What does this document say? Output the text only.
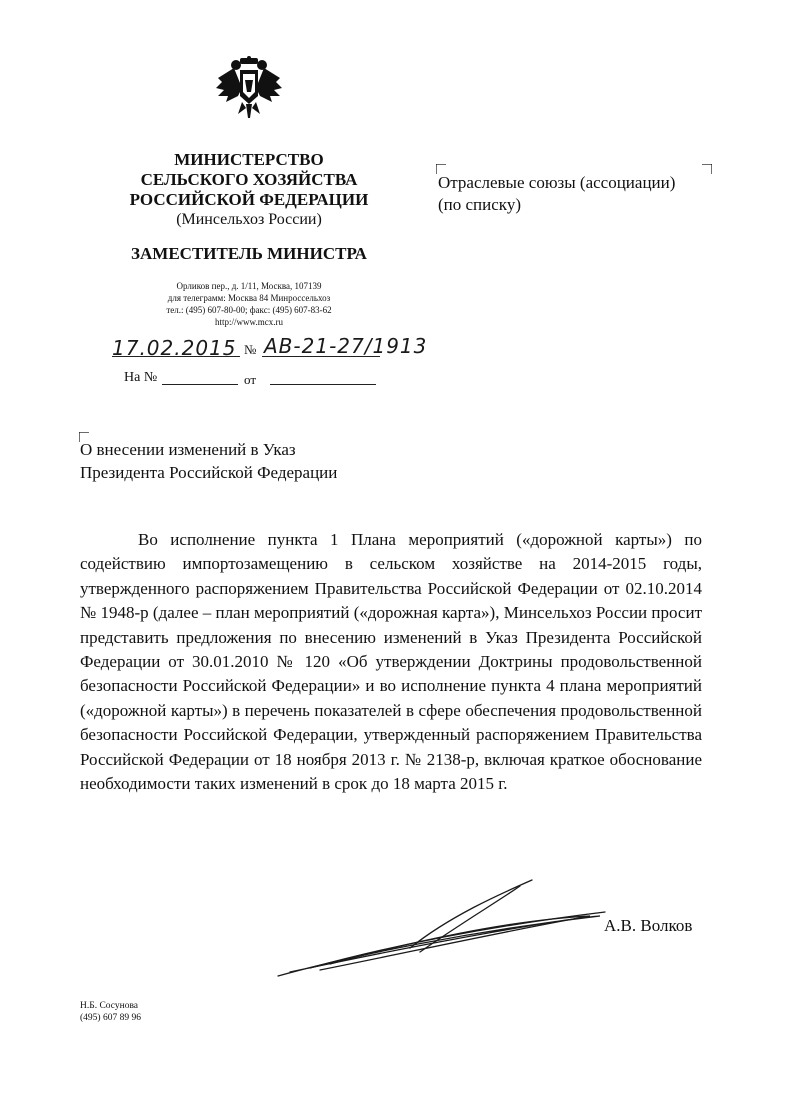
МИНИСТЕРСТВО
СЕЛЬСКОГО ХОЗЯЙСТВА
РОССИЙСКОЙ ФЕДЕРАЦИИ
(Минсельхоз России)
ЗАМЕСТИТЕЛЬ МИНИСТРА
Орликов пер., д. 1/11, Москва, 107139
для телеграмм: Москва 84 Минроссельхоз
тел.: (495) 607-80-00; факс: (495) 607-83-62
http://www.mcx.ru
17.02.2015 № АВ-21-27/1913
На №	от
Отраслевые союзы (ассоциации)
(по списку)
О внесении изменений в Указ
Президента Российской Федерации
Во исполнение пункта 1 Плана мероприятий («дорожной карты») по содействию импортозамещению в сельском хозяйстве на 2014-2015 годы, утвержденного распоряжением Правительства Российской Федерации от 02.10.2014 № 1948-р (далее – план мероприятий («дорожная карта»), Минсельхоз России просит представить предложения по внесению изменений в Указ Президента Российской Федерации от 30.01.2010 № 120 «Об утверждении Доктрины продовольственной безопасности Российской Федерации» и во исполнение пункта 4 плана мероприятий («дорожной карты») в перечень показателей в сфере обеспечения продовольственной безопасности Российской Федерации, утвержденный распоряжением Правительства Российской Федерации от 18 ноября 2013 г. № 2138-р, включая краткое обоснование необходимости таких изменений в срок до 18 марта 2015 г.
А.В. Волков
Н.Б. Сосунова
(495) 607 89 96
